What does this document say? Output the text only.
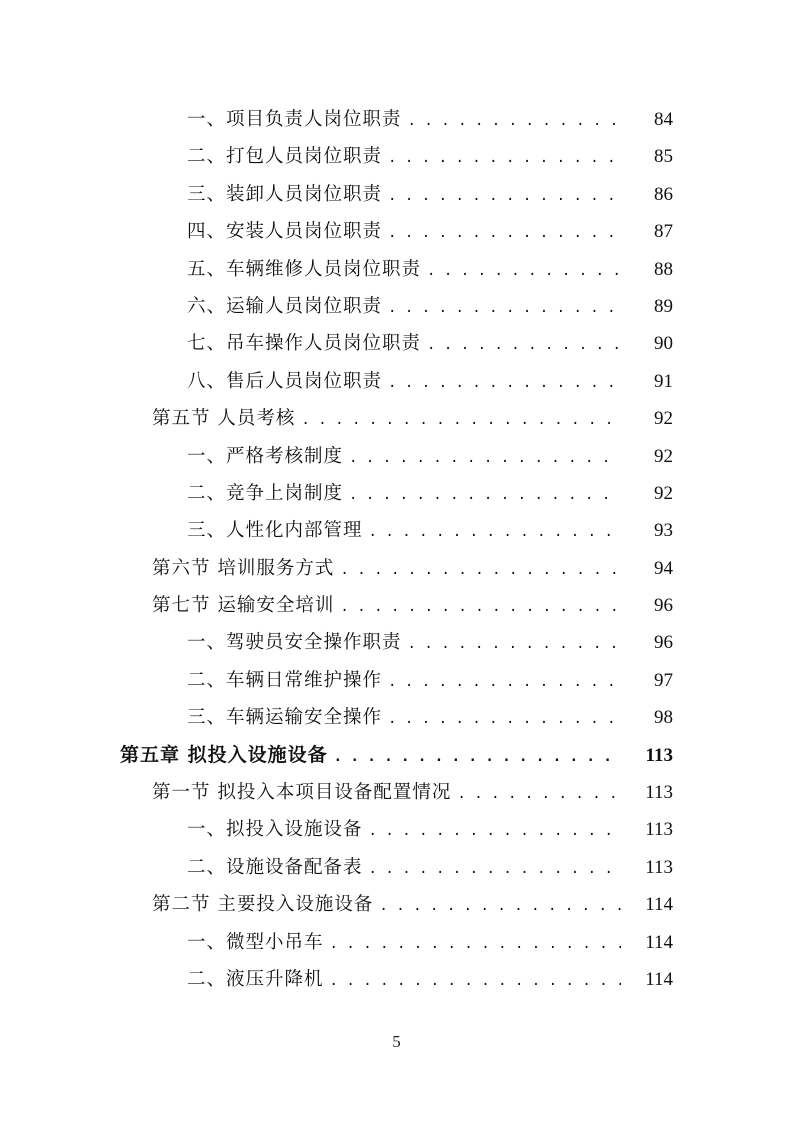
一、项目负责人岗位职责 . . .	84
二、打包人员岗位职责 . . .	85
三、装卸人员岗位职责 . . .	86
四、安装人员岗位职责 . . .	87
五、车辆维修人员岗位职责 . . .	88
六、运输人员岗位职责 . . .	89
七、吊车操作人员岗位职责 . . .	90
八、售后人员岗位职责 . . .	91
第五节 人员考核 . . .	92
一、严格考核制度 . . .	92
二、竞争上岗制度 . . .	92
三、人性化内部管理 . . .	93
第六节 培训服务方式 . . .	94
第七节 运输安全培训 . . .	96
一、驾驶员安全操作职责 . . .	96
二、车辆日常维护操作 . . .	97
三、车辆运输安全操作 . . .	98
第五章 拟投入设施设备 . . .	113
第一节 拟投入本项目设备配置情况 . . .	113
一、拟投入设施设备 . . .	113
二、设施设备配备表 . . .	113
第二节 主要投入设施设备 . . .	114
一、微型小吊车 . . .	114
二、液压升降机 . . .	114
5
